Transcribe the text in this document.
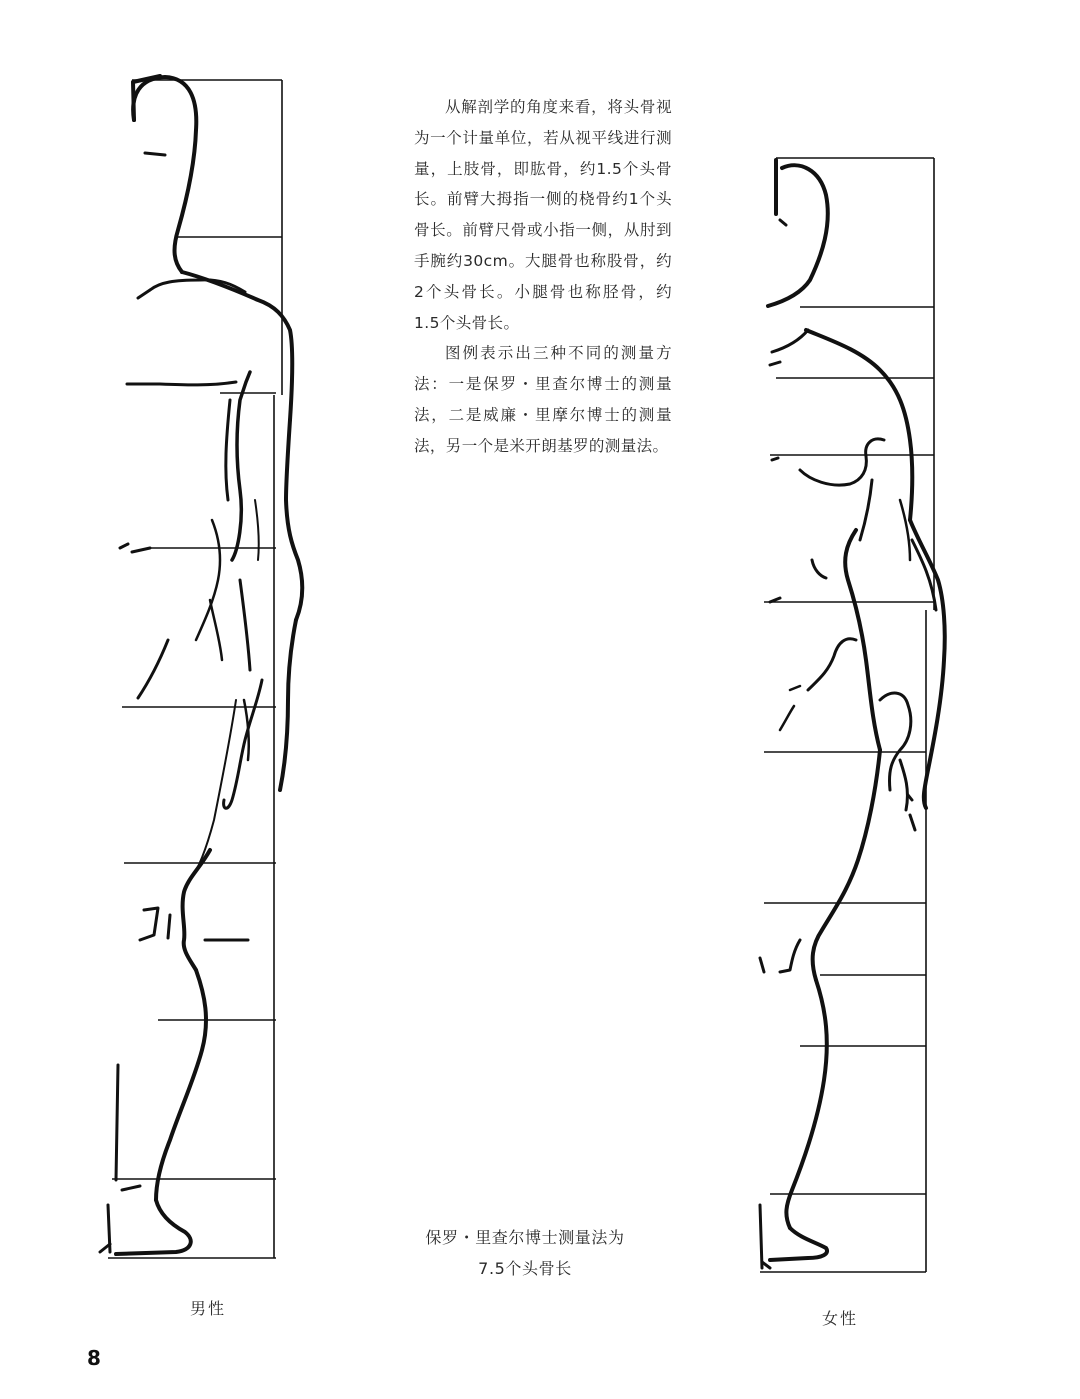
从解剖学的角度来看，将头骨视为一个计量单位，若从视平线进行测量，上肢骨，即肱骨，约1.5个头骨长。前臂大拇指一侧的桡骨约1个头骨长。前臂尺骨或小指一侧，从肘到手腕约30cm。大腿骨也称股骨，约2个头骨长。小腿骨也称胫骨，约1.5个头骨长。

图例表示出三种不同的测量方法：一是保罗・里查尔博士的测量法，二是威廉・里摩尔博士的测量法，另一个是米开朗基罗的测量法。

保罗・里查尔博士测量法为
7.5个头骨长
男性
女性
8
